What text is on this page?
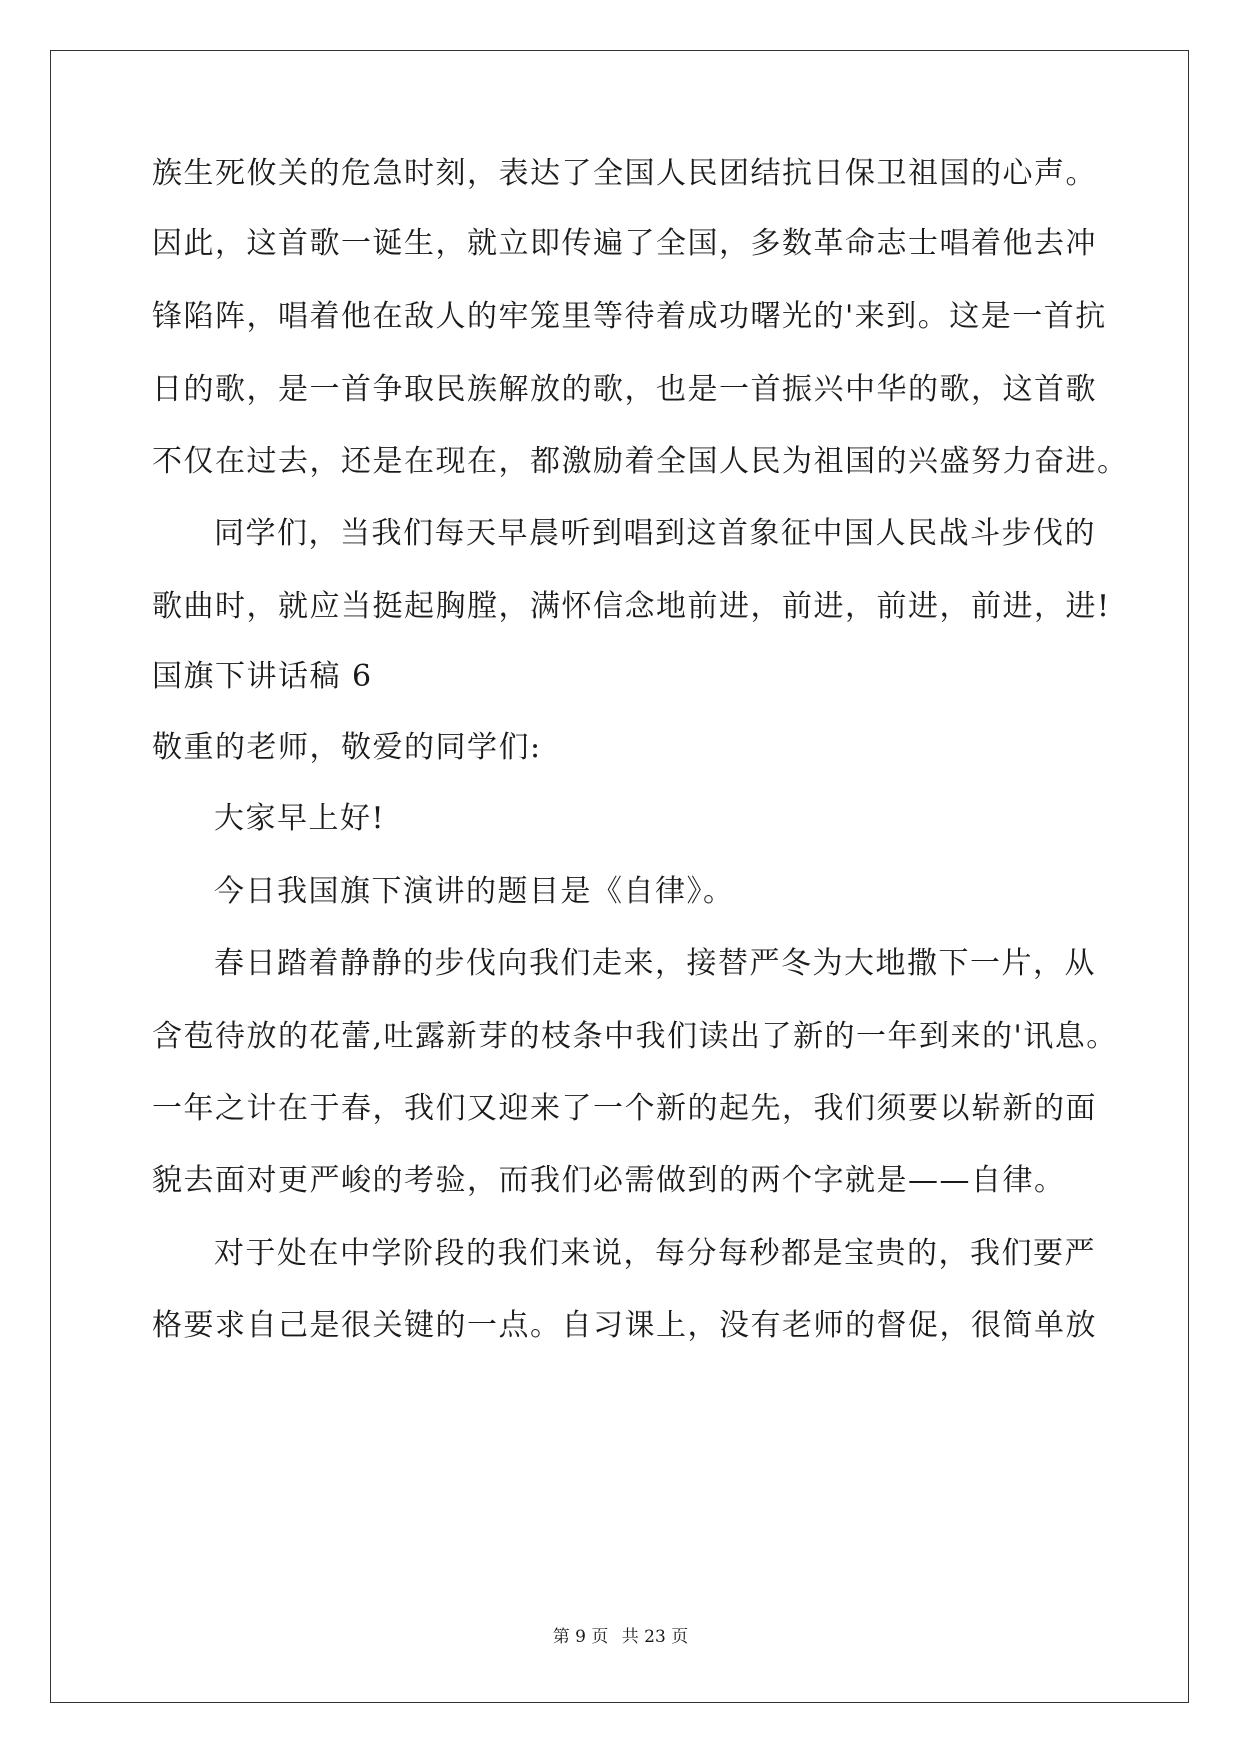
族生死攸关的危急时刻，表达了全国人民团结抗日保卫祖国的心声。
因此，这首歌一诞生，就立即传遍了全国，多数革命志士唱着他去冲
锋陷阵，唱着他在敌人的牢笼里等待着成功曙光的'来到。这是一首抗
日的歌，是一首争取民族解放的歌，也是一首振兴中华的歌，这首歌
不仅在过去，还是在现在，都激励着全国人民为祖国的兴盛努力奋进。
同学们，当我们每天早晨听到唱到这首象征中国人民战斗步伐的
歌曲时，就应当挺起胸膛，满怀信念地前进，前进，前进，前进，进!
国旗下讲话稿 6
敬重的老师，敬爱的同学们:
大家早上好!
今日我国旗下演讲的题目是《自律》。
春日踏着静静的步伐向我们走来，接替严冬为大地撒下一片，从
含苞待放的花蕾,吐露新芽的枝条中我们读出了新的一年到来的'讯息。
一年之计在于春，我们又迎来了一个新的起先，我们须要以崭新的面
貌去面对更严峻的考验，而我们必需做到的两个字就是——自律。
对于处在中学阶段的我们来说，每分每秒都是宝贵的，我们要严
格要求自己是很关键的一点。自习课上，没有老师的督促，很简单放
第 9 页 共 23 页
